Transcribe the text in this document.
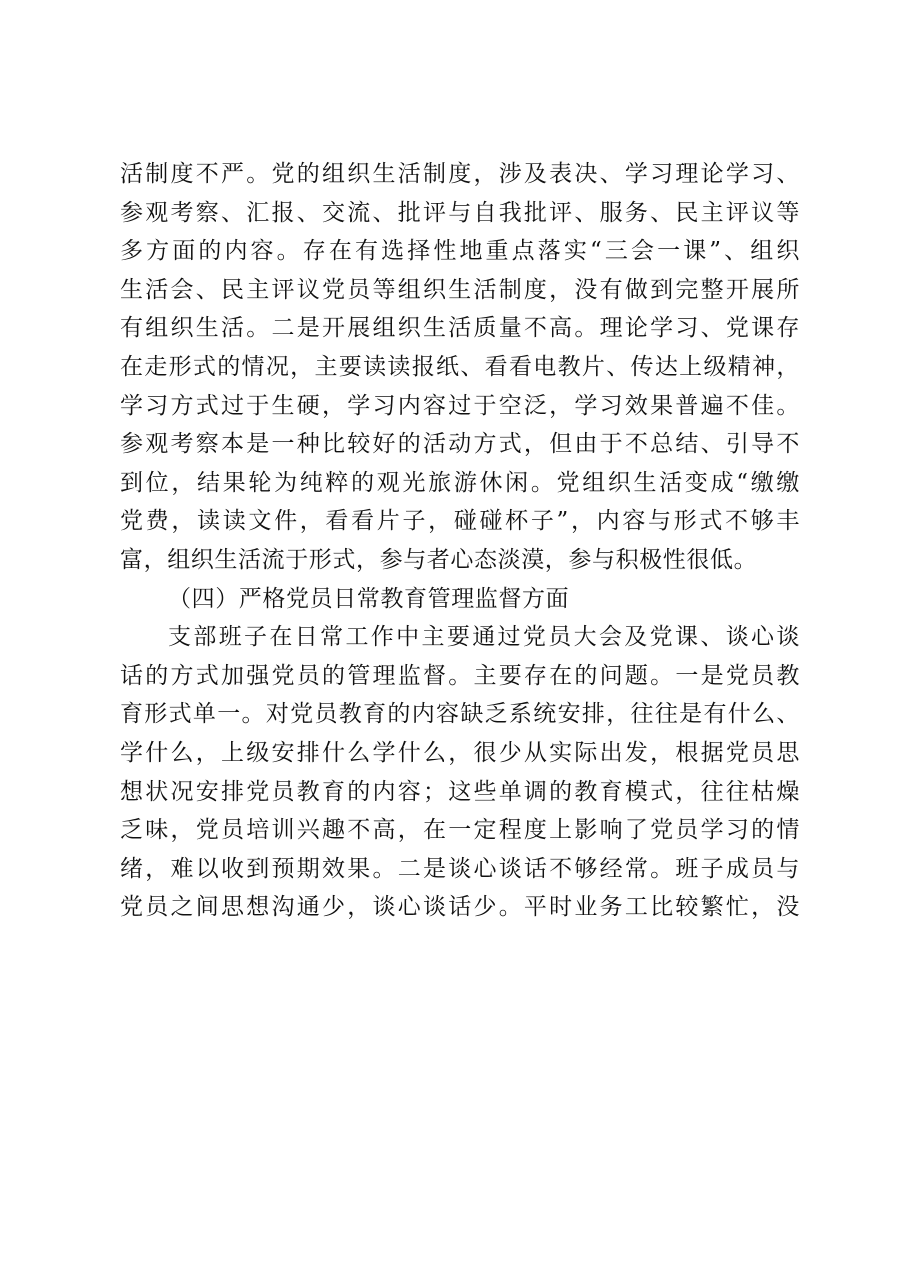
活制度不严。党的组织生活制度，涉及表决、学习理论学习、
参观考察、汇报、交流、批评与自我批评、服务、民主评议等
多方面的内容。存在有选择性地重点落实“三会一课”、组织
生活会、民主评议党员等组织生活制度，没有做到完整开展所
有组织生活。二是开展组织生活质量不高。理论学习、党课存
在走形式的情况，主要读读报纸、看看电教片、传达上级精神，
学习方式过于生硬，学习内容过于空泛，学习效果普遍不佳。
参观考察本是一种比较好的活动方式，但由于不总结、引导不
到位，结果轮为纯粹的观光旅游休闲。党组织生活变成“缴缴
党费，读读文件，看看片子，碰碰杯子”，内容与形式不够丰
富，组织生活流于形式，参与者心态淡漠，参与积极性很低。
（四）严格党员日常教育管理监督方面
支部班子在日常工作中主要通过党员大会及党课、谈心谈
话的方式加强党员的管理监督。主要存在的问题。一是党员教
育形式单一。对党员教育的内容缺乏系统安排，往往是有什么、
学什么，上级安排什么学什么，很少从实际出发，根据党员思
想状况安排党员教育的内容；这些单调的教育模式，往往枯燥
乏味，党员培训兴趣不高，在一定程度上影响了党员学习的情
绪，难以收到预期效果。二是谈心谈话不够经常。班子成员与
党员之间思想沟通少，谈心谈话少。平时业务工比较繁忙，没
